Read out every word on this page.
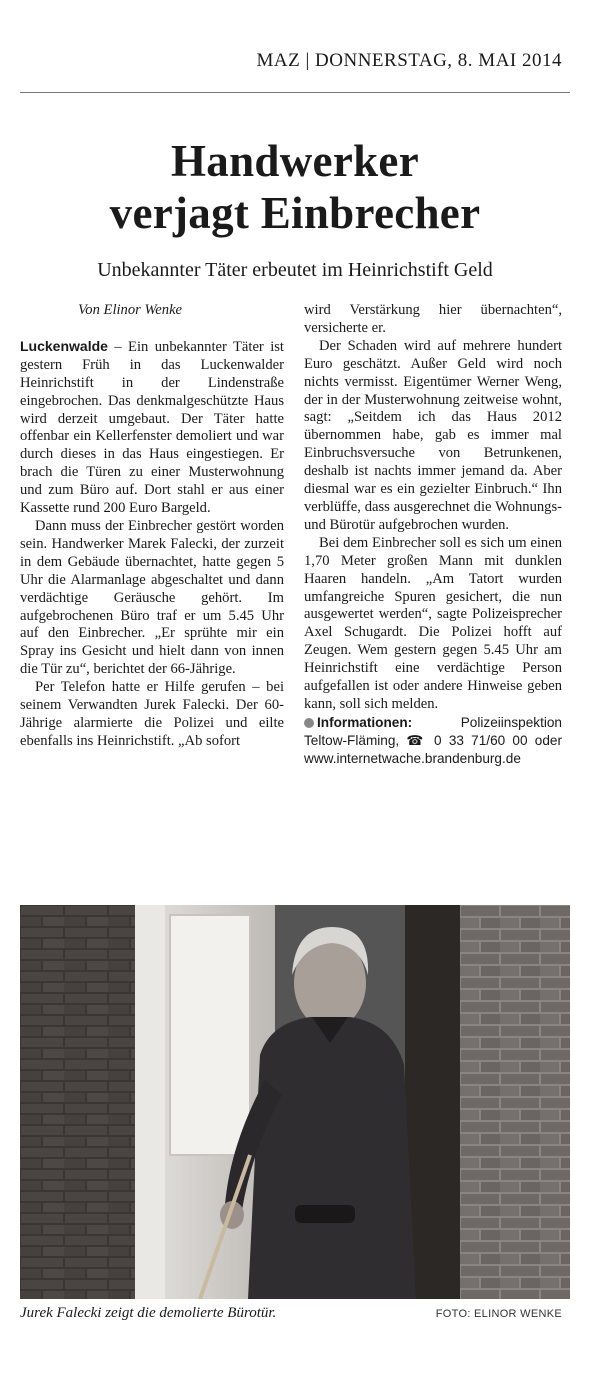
MAZ | DONNERSTAG, 8. MAI 2014
Handwerker
verjagt Einbrecher
Unbekannter Täter erbeutet im Heinrichstift Geld

Von Elinor Wenke

Luckenwalde – Ein unbekannter Täter ist gestern Früh in das Luckenwalder Heinrichstift in der Lindenstraße eingebrochen. Das denkmalgeschützte Haus wird derzeit umgebaut. Der Täter hatte offenbar ein Kellerfenster demoliert und war durch dieses in das Haus eingestiegen. Er brach die Türen zu einer Musterwohnung und zum Büro auf. Dort stahl er aus einer Kassette rund 200 Euro Bargeld.

Dann muss der Einbrecher gestört worden sein. Handwerker Marek Falecki, der zurzeit in dem Gebäude übernachtet, hatte gegen 5 Uhr die Alarmanlage abgeschaltet und dann verdächtige Geräusche gehört. Im aufgebrochenen Büro traf er um 5.45 Uhr auf den Einbrecher. „Er sprühte mir ein Spray ins Gesicht und hielt dann von innen die Tür zu“, berichtet der 66-Jährige.

Per Telefon hatte er Hilfe gerufen – bei seinem Verwandten Jurek Falecki. Der 60-Jährige alarmierte die Polizei und eilte ebenfalls ins Heinrichstift. „Ab sofort

wird Verstärkung hier übernachten“, versicherte er.

Der Schaden wird auf mehrere hundert Euro geschätzt. Außer Geld wird noch nichts vermisst. Eigentümer Werner Weng, der in der Musterwohnung zeitweise wohnt, sagt: „Seitdem ich das Haus 2012 übernommen habe, gab es immer mal Einbruchsversuche von Betrunkenen, deshalb ist nachts immer jemand da. Aber diesmal war es ein gezielter Einbruch.“ Ihn verblüffe, dass ausgerechnet die Wohnungs- und Bürotür aufgebrochen wurden.

Bei dem Einbrecher soll es sich um einen 1,70 Meter großen Mann mit dunklen Haaren handeln. „Am Tatort wurden umfangreiche Spuren gesichert, die nun ausgewertet werden“, sagte Polizeisprecher Axel Schugardt. Die Polizei hofft auf Zeugen. Wem gestern gegen 5.45 Uhr am Heinrichstift eine verdächtige Person aufgefallen ist oder andere Hinweise geben kann, soll sich melden.

Informationen: Polizeiinspektion Teltow-Fläming, ☎ 0 33 71/60 00 oder www.internetwache.brandenburg.de

Jurek Falecki zeigt die demolierte Bürotür.	FOTO: ELINOR WENKE
